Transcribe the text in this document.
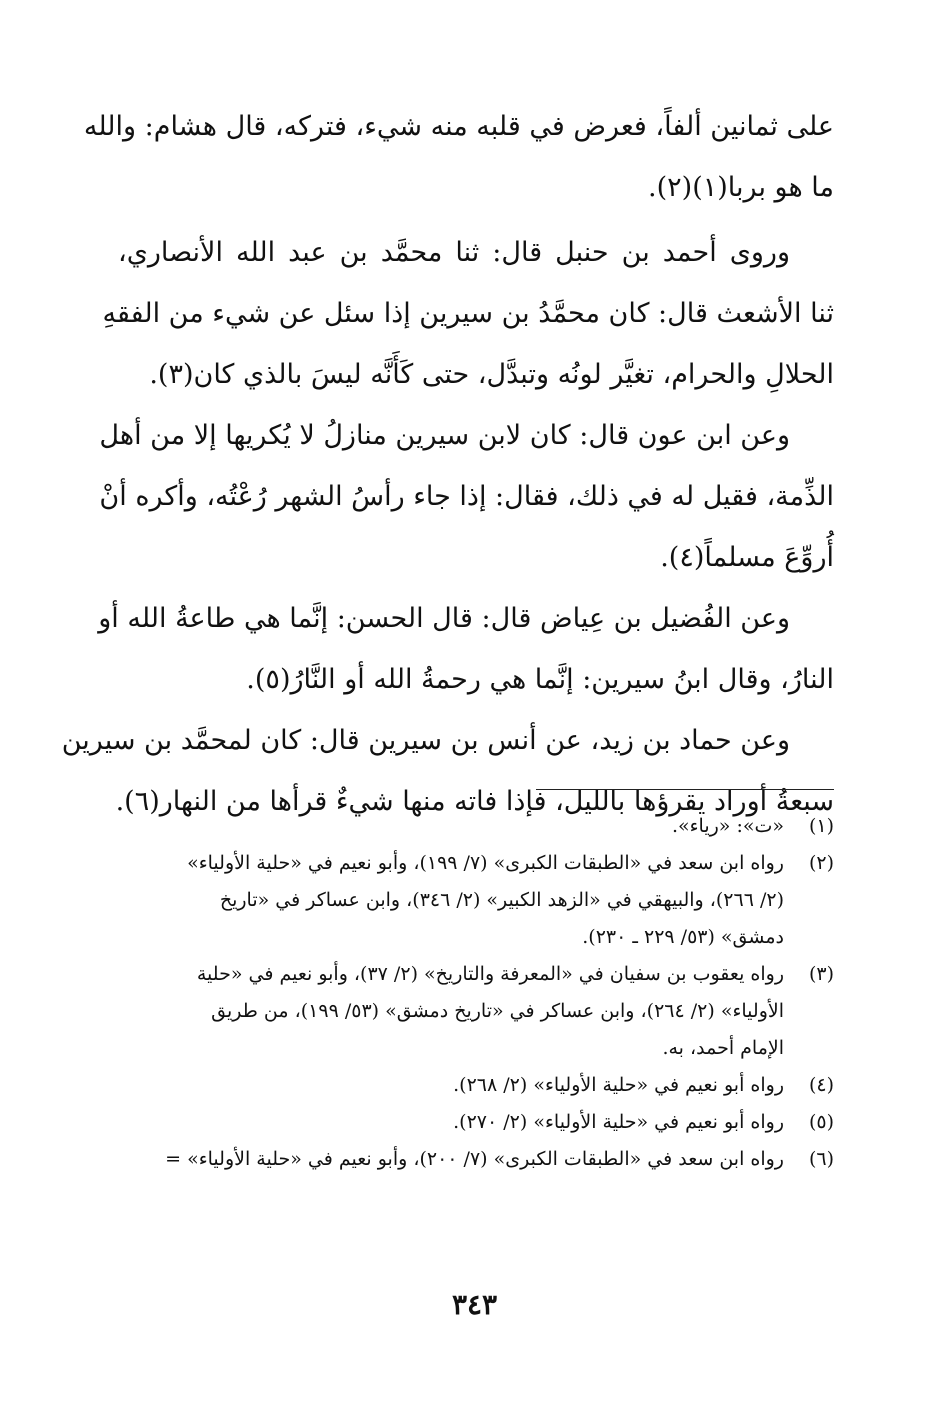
على ثمانين ألفاً، فعرض في قلبه منه شيء، فتركه، قال هشام: والله
ما هو بربا(١)(٢).
وروى أحمد بن حنبل قال: ثنا محمَّد بن عبد الله الأنصاري،
ثنا الأشعث قال: كان محمَّدُ بن سيرين إذا سئل عن شيء من الفقهِ
الحلالِ والحرام، تغيَّر لونُه وتبدَّل، حتى كَأَنَّه ليسَ بالذي كان(٣).
وعن ابن عون قال: كان لابن سيرين منازلُ لا يُكريها إلا من أهل
الذِّمة، فقيل له في ذلك، فقال: إذا جاء رأسُ الشهر رُعْتُه، وأكره أنْ
أُروِّعَ مسلماً(٤).
وعن الفُضيل بن عِياض قال: قال الحسن: إنَّما هي طاعةُ الله أو
النارُ، وقال ابنُ سيرين: إنَّما هي رحمةُ الله أو النَّارُ(٥).
وعن حماد بن زيد، عن أنس بن سيرين قال: كان لمحمَّد بن سيرين
سبعةُ أوراد يقرؤها بالليل، فإذا فاته منها شيءٌ قرأها من النهار(٦).
(١)«ت»: «رياء».
(٢)رواه ابن سعد في «الطبقات الكبرى» (٧/ ١٩٩)، وأبو نعيم في «حلية الأولياء»
(٢/ ٢٦٦)، والبيهقي في «الزهد الكبير» (٢/ ٣٤٦)، وابن عساكر في «تاريخ
دمشق» (٥٣/ ٢٢٩ ـ ٢٣٠).
(٣)رواه يعقوب بن سفيان في «المعرفة والتاريخ» (٢/ ٣٧)، وأبو نعيم في «حلية
الأولياء» (٢/ ٢٦٤)، وابن عساكر في «تاريخ دمشق» (٥٣/ ١٩٩)، من طريق
الإمام أحمد، به.
(٤)رواه أبو نعيم في «حلية الأولياء» (٢/ ٢٦٨).
(٥)رواه أبو نعيم في «حلية الأولياء» (٢/ ٢٧٠).
(٦)رواه ابن سعد في «الطبقات الكبرى» (٧/ ٢٠٠)، وأبو نعيم في «حلية الأولياء» =
٣٤٣
